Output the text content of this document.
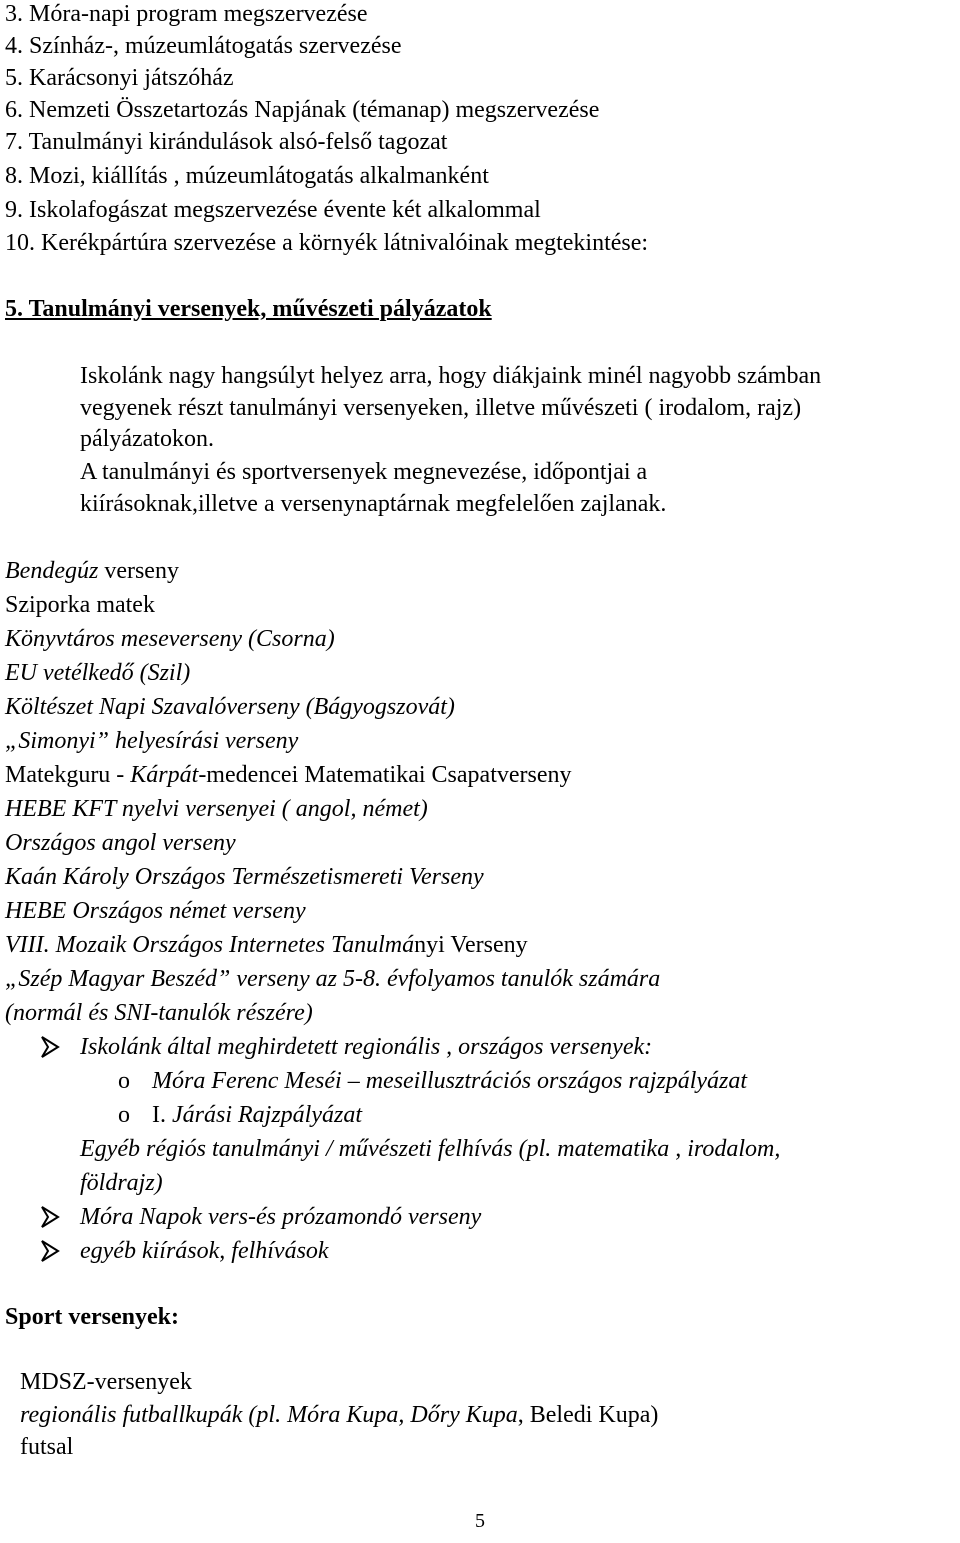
3. Móra-napi program megszervezése
4. Színház-, múzeumlátogatás szervezése
5. Karácsonyi játszóház
6. Nemzeti Összetartozás Napjának (témanap) megszervezése
7. Tanulmányi kirándulások alsó-felső tagozat
8. Mozi, kiállítás , múzeumlátogatás alkalmanként
9. Iskolafogászat megszervezése évente két alkalommal
10. Kerékpártúra szervezése a környék látnivalóinak megtekintése:
5. Tanulmányi versenyek, művészeti pályázatok
Iskolánk nagy hangsúlyt helyez arra, hogy diákjaink minél nagyobb számban
vegyenek részt tanulmányi versenyeken, illetve művészeti ( irodalom, rajz)
pályázatokon.
A tanulmányi és sportversenyek megnevezése, időpontjai a
kiírásoknak,illetve a versenynaptárnak megfelelően zajlanak.
Bendegúz verseny
Sziporka matek
Könyvtáros meseverseny (Csorna)
EU vetélkedő (Szil)
Költészet Napi Szavalóverseny (Bágyogszovát)
„Simonyi” helyesírási verseny
Matekguru - Kárpát-medencei Matematikai Csapatverseny
HEBE KFT nyelvi versenyei ( angol, német)
Országos angol verseny
Kaán Károly Országos Természetismereti Verseny
HEBE Országos német verseny
VIII. Mozaik Országos Internetes Tanulmányi Verseny
„Szép Magyar Beszéd” verseny az 5-8. évfolyamos tanulók számára
(normál és SNI-tanulók részére)
Iskolánk által meghirdetett regionális , országos versenyek:
o Móra Ferenc Meséi – meseillusztrációs országos rajzpályázat
o I. Járási Rajzpályázat
Egyéb régiós tanulmányi / művészeti felhívás (pl. matematika , irodalom,
földrajz)
Móra Napok vers-és prózamondó verseny
egyéb kiírások, felhívások
Sport versenyek:
MDSZ-versenyek
regionális futballkupák (pl. Móra Kupa, Dőry Kupa, Beledi Kupa)
futsal
5
